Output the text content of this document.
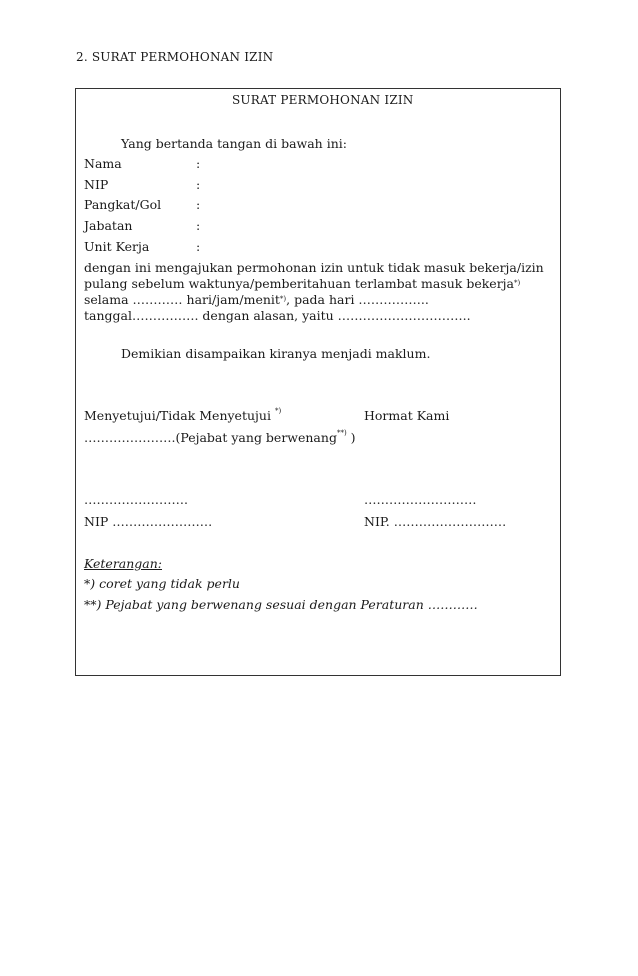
2. SURAT PERMOHONAN IZIN
SURAT PERMOHONAN IZIN
Yang bertanda tangan di bawah ini:
Nama	:
NIP	:
Pangkat/Gol	:
Jabatan	:
Unit Kerja	:
dengan ini mengajukan permohonan izin untuk tidak masuk bekerja/izin
pulang sebelum waktunya/pemberitahuan terlambat masuk bekerja*)
selama ………… hari/jam/menit*), pada hari ……………..
tanggal……………. dengan alasan, yaitu …………………………..
Demikian disampaikan kiranya menjadi maklum.
Menyetujui/Tidak Menyetujui *)	Hormat Kami
………………….(Pejabat yang berwenang**) )
…………………….	………………………
NIP ……………………	NIP. ………………………
Keterangan:
*) coret yang tidak perlu
**) Pejabat yang berwenang sesuai dengan Peraturan …………
